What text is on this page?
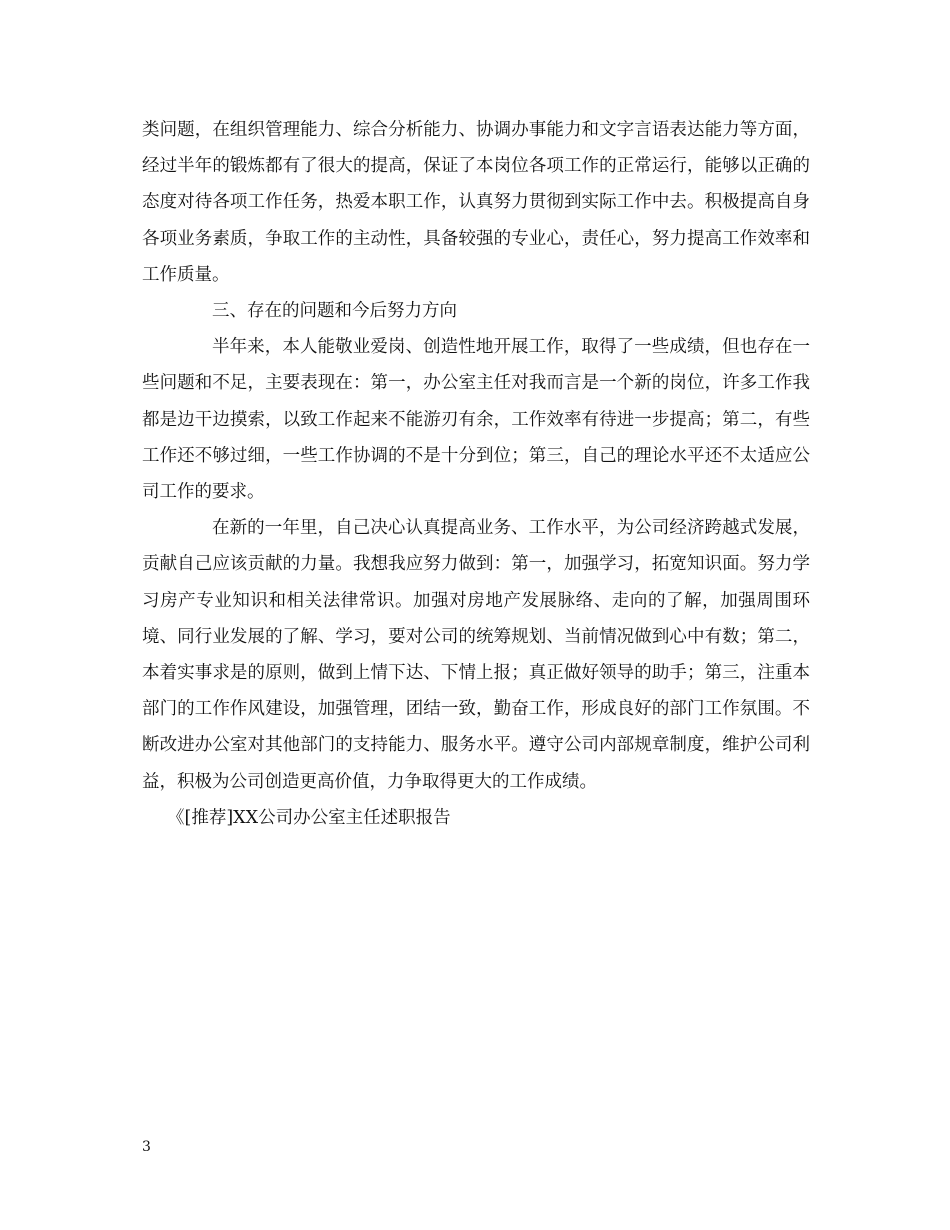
类问题，在组织管理能力、综合分析能力、协调办事能力和文字言语表达能力等方面，经过半年的锻炼都有了很大的提高，保证了本岗位各项工作的正常运行，能够以正确的态度对待各项工作任务，热爱本职工作，认真努力贯彻到实际工作中去。积极提高自身各项业务素质，争取工作的主动性，具备较强的专业心，责任心，努力提高工作效率和工作质量。

三、存在的问题和今后努力方向

半年来，本人能敬业爱岗、创造性地开展工作，取得了一些成绩，但也存在一些问题和不足，主要表现在：第一，办公室主任对我而言是一个新的岗位，许多工作我都是边干边摸索，以致工作起来不能游刃有余，工作效率有待进一步提高；第二，有些工作还不够过细，一些工作协调的不是十分到位；第三，自己的理论水平还不太适应公司工作的要求。

在新的一年里，自己决心认真提高业务、工作水平，为公司经济跨越式发展，贡献自己应该贡献的力量。我想我应努力做到：第一，加强学习，拓宽知识面。努力学习房产专业知识和相关法律常识。加强对房地产发展脉络、走向的了解，加强周围环境、同行业发展的了解、学习，要对公司的统筹规划、当前情况做到心中有数；第二，本着实事求是的原则，做到上情下达、下情上报；真正做好领导的助手；第三，注重本部门的工作作风建设，加强管理，团结一致，勤奋工作，形成良好的部门工作氛围。不断改进办公室对其他部门的支持能力、服务水平。遵守公司内部规章制度，维护公司利益，积极为公司创造更高价值，力争取得更大的工作成绩。

《[推荐]XX公司办公室主任述职报告

3
